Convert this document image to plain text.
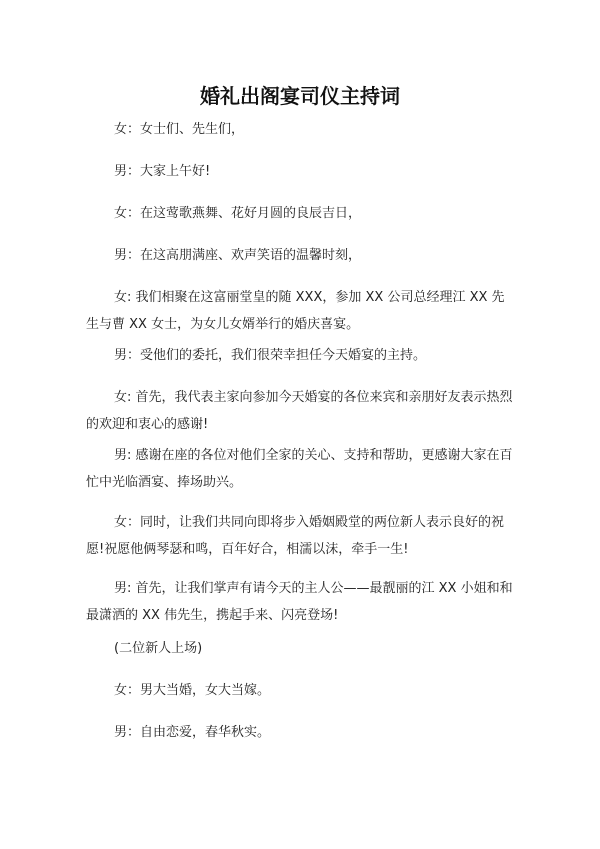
婚礼出阁宴司仪主持词

女：女士们、先生们，

男：大家上午好!

女：在这莺歌燕舞、花好月圆的良辰吉日，

男：在这高朋满座、欢声笑语的温馨时刻，

女: 我们相聚在这富丽堂皇的随 XXX，参加 XX 公司总经理江 XX 先生与曹 XX 女士，为女儿女婿举行的婚庆喜宴。

男：受他们的委托，我们很荣幸担任今天婚宴的主持。

女: 首先，我代表主家向参加今天婚宴的各位来宾和亲朋好友表示热烈的欢迎和衷心的感谢!

男: 感谢在座的各位对他们全家的关心、支持和帮助，更感谢大家在百忙中光临酒宴、捧场助兴。

女：同时，让我们共同向即将步入婚姻殿堂的两位新人表示良好的祝愿!祝愿他俩琴瑟和鸣，百年好合，相濡以沫，牵手一生!

男: 首先，让我们掌声有请今天的主人公——最靓丽的江 XX 小姐和和最潇洒的 XX 伟先生，携起手来、闪亮登场!

(二位新人上场)

女：男大当婚，女大当嫁。

男：自由恋爱，春华秋实。
